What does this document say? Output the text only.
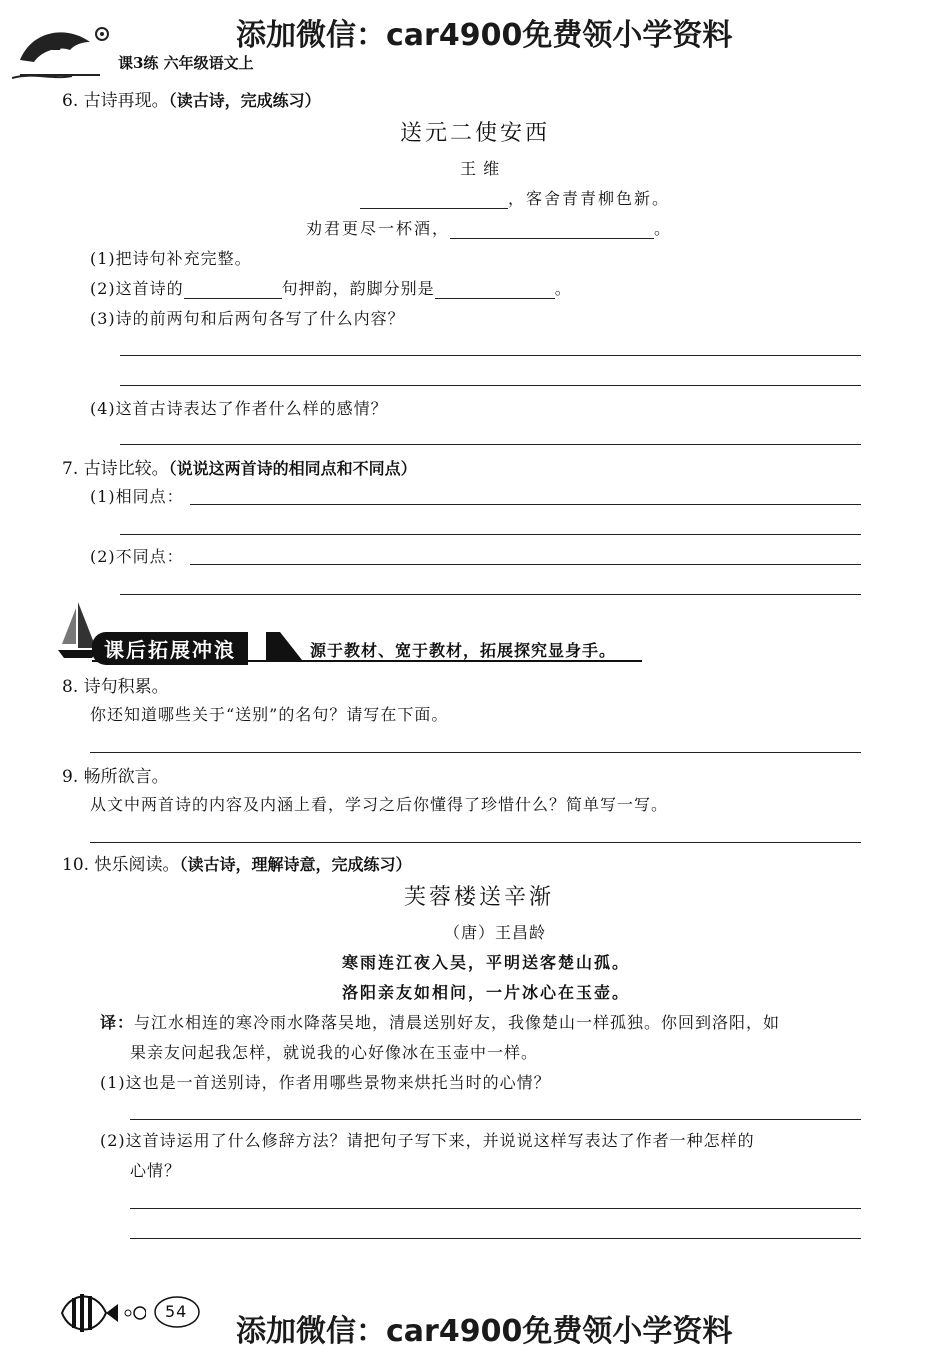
添加微信：car4900免费领小学资料
课3练 六年级语文上
6. 古诗再现。（读古诗，完成练习）
送元二使安西
王 维
，客舍青青柳色新。
劝君更尽一杯酒，	。
(1)把诗句补充完整。
(2)这首诗的	句押韵，韵脚分别是	。
(3)诗的前两句和后两句各写了什么内容？
(4)这首古诗表达了作者什么样的感情？
7. 古诗比较。（说说这两首诗的相同点和不同点）
(1)相同点：
(2)不同点：
课后拓展冲浪	源于教材、宽于教材，拓展探究显身手。
8. 诗句积累。
你还知道哪些关于“送别”的名句？请写在下面。
9. 畅所欲言。
从文中两首诗的内容及内涵上看，学习之后你懂得了珍惜什么？简单写一写。
10. 快乐阅读。（读古诗，理解诗意，完成练习）
芙蓉楼送辛渐
（唐）王昌龄
寒雨连江夜入吴，平明送客楚山孤。
洛阳亲友如相问，一片冰心在玉壶。
译：与江水相连的寒冷雨水降落吴地，清晨送别好友，我像楚山一样孤独。你回到洛阳，如
果亲友问起我怎样，就说我的心好像冰在玉壶中一样。
(1)这也是一首送别诗，作者用哪些景物来烘托当时的心情？
(2)这首诗运用了什么修辞方法？请把句子写下来，并说说这样写表达了作者一种怎样的
心情？
54
添加微信：car4900免费领小学资料
